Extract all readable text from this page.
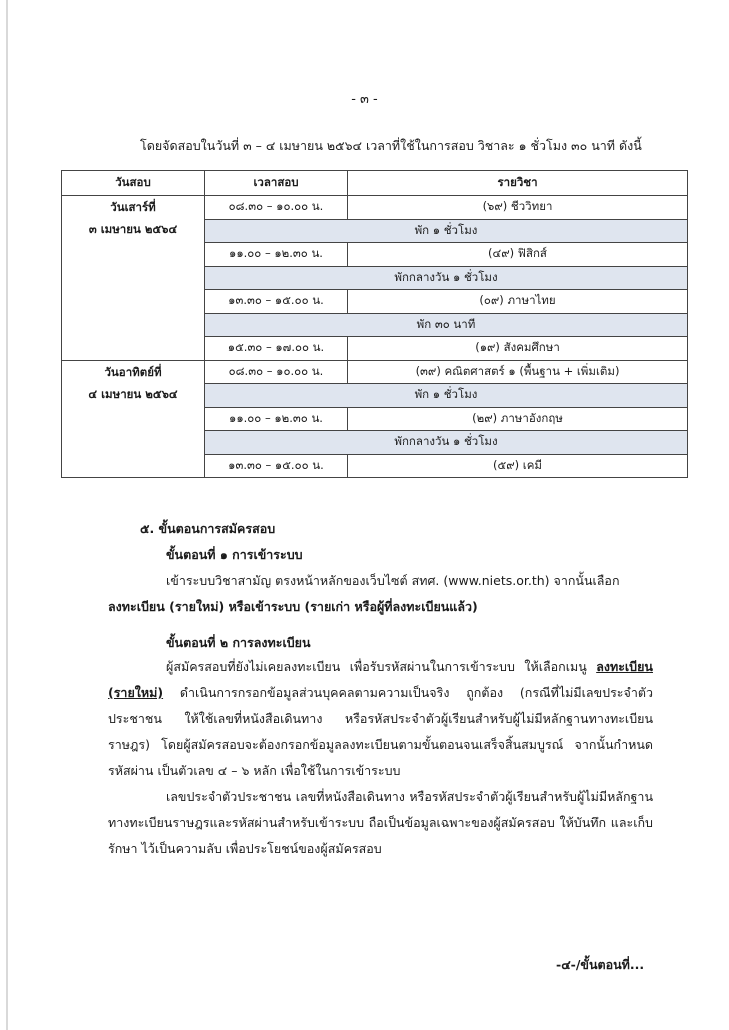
- ๓ -
โดยจัดสอบในวันที่ ๓ – ๔ เมษายน ๒๕๖๔ เวลาที่ใช้ในการสอบ วิชาละ ๑ ชั่วโมง ๓๐ นาที ดังนี้
วันสอบ	เวลาสอบ	รายวิชา

วันเสาร์ที่
๓ เมษายน ๒๕๖๔	๐๘.๓๐ – ๑๐.๐๐ น.	(๖๙) ชีววิทยา
	พัก ๑ ชั่วโมง	
	๑๑.๐๐ – ๑๒.๓๐ น.	(๔๙) ฟิสิกส์
	พักกลางวัน ๑ ชั่วโมง	
	๑๓.๓๐ – ๑๕.๐๐ น.	(๐๙) ภาษาไทย
	พัก ๓๐ นาที	
	๑๕.๓๐ – ๑๗.๐๐ น.	(๑๙) สังคมศึกษา

วันอาทิตย์ที่
๔ เมษายน ๒๕๖๔	๐๘.๓๐ – ๑๐.๐๐ น.	(๓๙) คณิตศาสตร์ ๑ (พื้นฐาน + เพิ่มเติม)
	พัก ๑ ชั่วโมง	
	๑๑.๐๐ – ๑๒.๓๐ น.	(๒๙) ภาษาอังกฤษ
	พักกลางวัน ๑ ชั่วโมง	
	๑๓.๓๐ – ๑๕.๐๐ น.	(๕๙) เคมี
๕. ขั้นตอนการสมัครสอบ
ขั้นตอนที่ ๑ การเข้าระบบ
เข้าระบบวิชาสามัญ ตรงหน้าหลักของเว็บไซต์ สทศ. (www.niets.or.th) จากนั้นเลือก
ลงทะเบียน (รายใหม่) หรือเข้าระบบ (รายเก่า หรือผู้ที่ลงทะเบียนแล้ว)
ขั้นตอนที่ ๒ การลงทะเบียน
ผู้สมัครสอบที่ยังไม่เคยลงทะเบียน เพื่อรับรหัสผ่านในการเข้าระบบ ให้เลือกเมนู ลงทะเบียน (รายใหม่) ดำเนินการกรอกข้อมูลส่วนบุคคลตามความเป็นจริง ถูกต้อง (กรณีที่ไม่มีเลขประจำตัวประชาชน ให้ใช้เลขที่หนังสือเดินทาง หรือรหัสประจำตัวผู้เรียนสำหรับผู้ไม่มีหลักฐานทางทะเบียนราษฎร) โดยผู้สมัครสอบจะต้องกรอกข้อมูลลงทะเบียนตามขั้นตอนจนเสร็จสิ้นสมบูรณ์ จากนั้นกำหนดรหัสผ่าน เป็นตัวเลข ๔ – ๖ หลัก เพื่อใช้ในการเข้าระบบ
เลขประจำตัวประชาชน เลขที่หนังสือเดินทาง หรือรหัสประจำตัวผู้เรียนสำหรับผู้ไม่มีหลักฐาน ทางทะเบียนราษฎรและรหัสผ่านสำหรับเข้าระบบ ถือเป็นข้อมูลเฉพาะของผู้สมัครสอบ ให้บันทึก และเก็บรักษา ไว้เป็นความลับ เพื่อประโยชน์ของผู้สมัครสอบ
-๔-/ขั้นตอนที่...
